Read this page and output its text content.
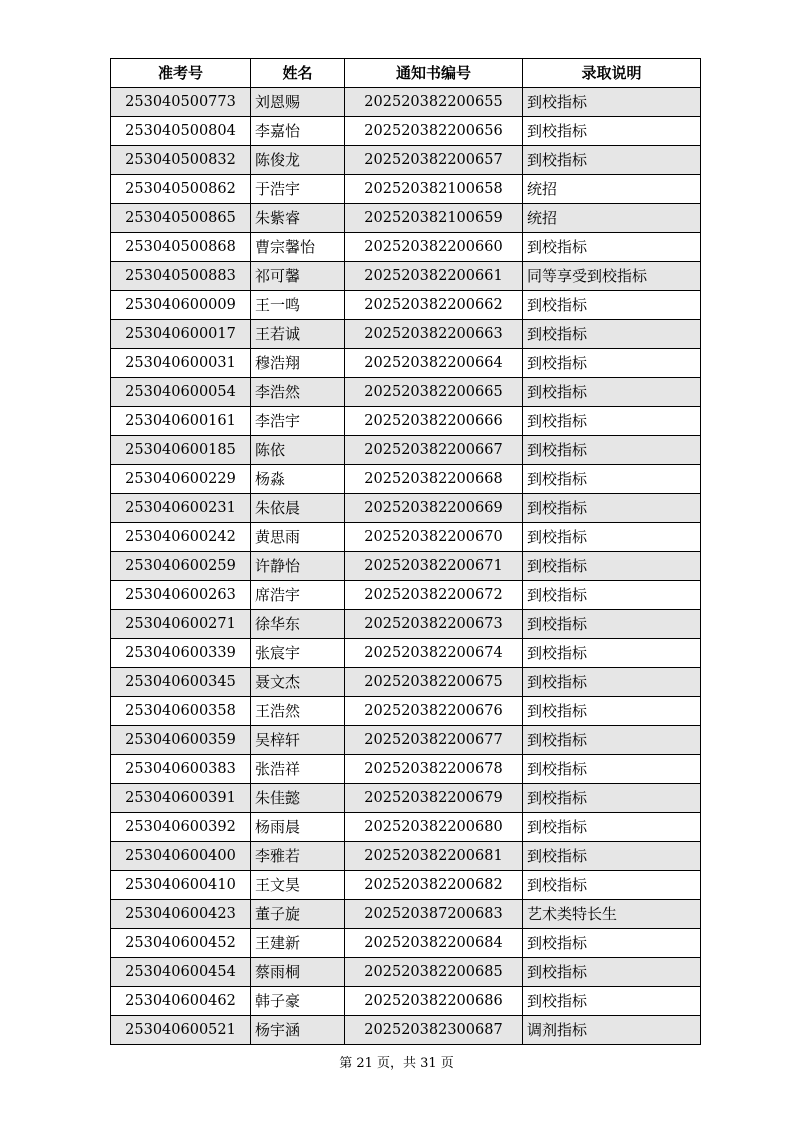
准考号	姓名	通知书编号	录取说明
253040500773	刘恩赐	202520382200655	到校指标
253040500804	李嘉怡	202520382200656	到校指标
253040500832	陈俊龙	202520382200657	到校指标
253040500862	于浩宇	202520382100658	统招
253040500865	朱紫睿	202520382100659	统招
253040500868	曹宗馨怡	202520382200660	到校指标
253040500883	祁可馨	202520382200661	同等享受到校指标
253040600009	王一鸣	202520382200662	到校指标
253040600017	王若诚	202520382200663	到校指标
253040600031	穆浩翔	202520382200664	到校指标
253040600054	李浩然	202520382200665	到校指标
253040600161	李浩宇	202520382200666	到校指标
253040600185	陈依	202520382200667	到校指标
253040600229	杨淼	202520382200668	到校指标
253040600231	朱依晨	202520382200669	到校指标
253040600242	黄思雨	202520382200670	到校指标
253040600259	许静怡	202520382200671	到校指标
253040600263	席浩宇	202520382200672	到校指标
253040600271	徐华东	202520382200673	到校指标
253040600339	张宸宇	202520382200674	到校指标
253040600345	聂文杰	202520382200675	到校指标
253040600358	王浩然	202520382200676	到校指标
253040600359	吴梓轩	202520382200677	到校指标
253040600383	张浩祥	202520382200678	到校指标
253040600391	朱佳懿	202520382200679	到校指标
253040600392	杨雨晨	202520382200680	到校指标
253040600400	李雅若	202520382200681	到校指标
253040600410	王文昊	202520382200682	到校指标
253040600423	董子旋	202520387200683	艺术类特长生
253040600452	王建新	202520382200684	到校指标
253040600454	蔡雨桐	202520382200685	到校指标
253040600462	韩子豪	202520382200686	到校指标
253040600521	杨宇涵	202520382300687	调剂指标
第 21 页，共 31 页
